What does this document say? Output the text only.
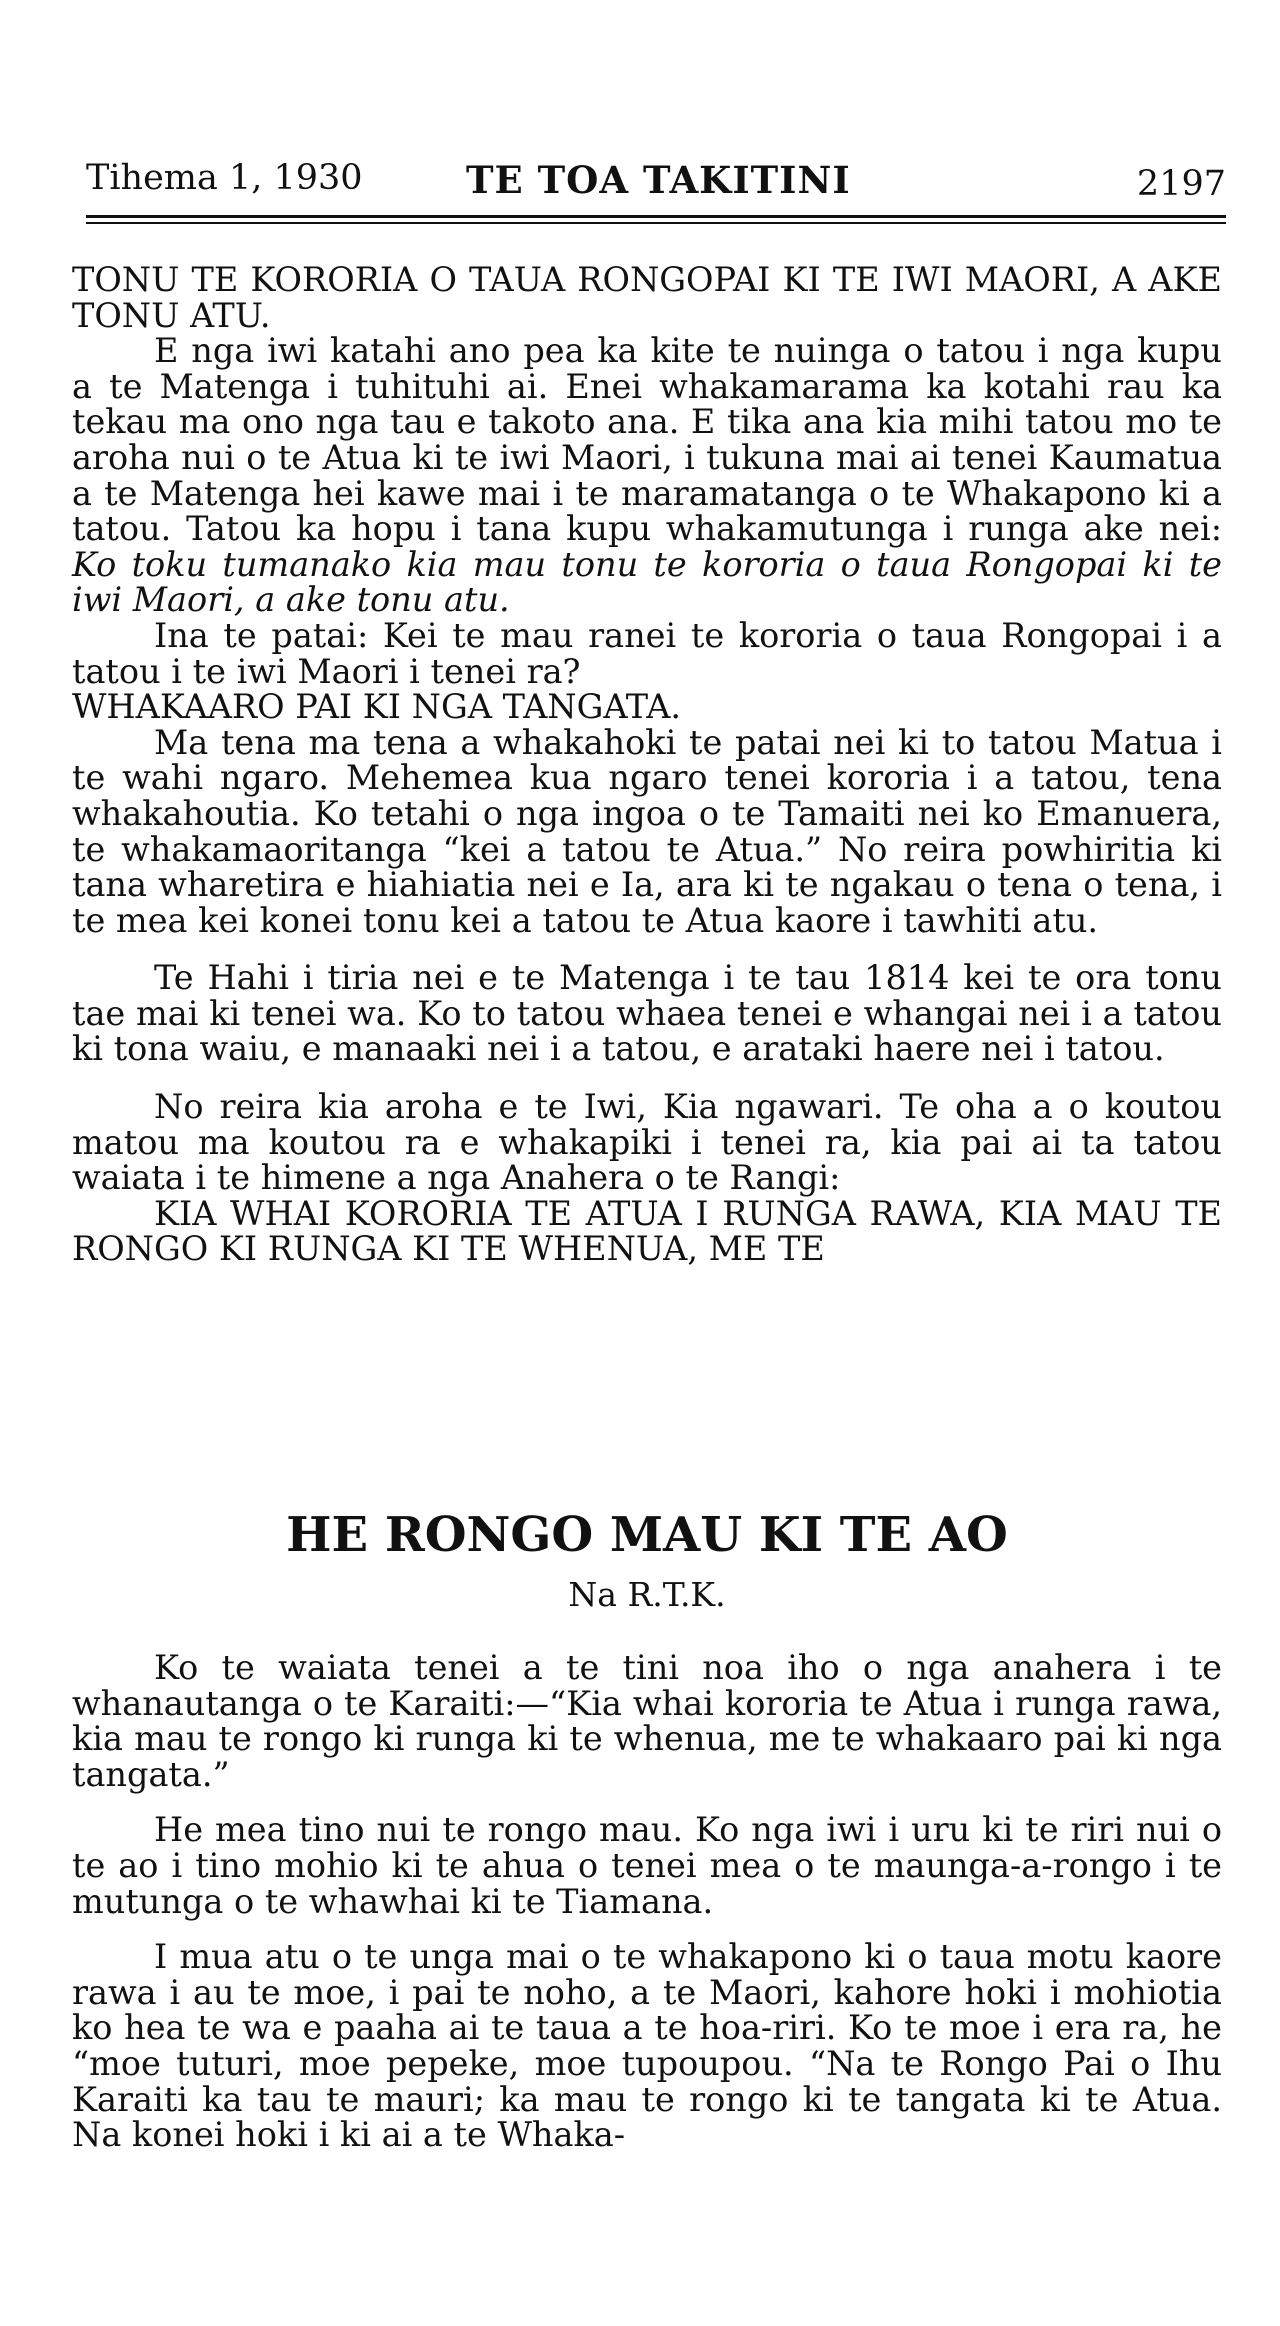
Tihema 1, 1930	TE TOA TAKITINI	2197

TONU TE KORORIA O TAUA RONGOPAI KI TE IWI MAORI, A AKE TONU ATU.

E nga iwi katahi ano pea ka kite te nuinga o tatou i nga kupu a te Matenga i tuhituhi ai. Enei whakamarama ka kotahi rau ka tekau ma ono nga tau e takoto ana. E tika ana kia mihi tatou mo te aroha nui o te Atua ki te iwi Maori, i tukuna mai ai tenei Kaumatua a te Matenga hei kawe mai i te maramatanga o te Whakapono ki a tatou. Tatou ka hopu i tana kupu whakamutunga i runga ake nei: Ko toku tumanako kia mau tonu te kororia o taua Rongopai ki te iwi Maori, a ake tonu atu.

Ina te patai: Kei te mau ranei te kororia o taua Rongopai i a tatou i te iwi Maori i tenei ra?

WHAKAARO PAI KI NGA TANGATA.

Ma tena ma tena a whakahoki te patai nei ki to tatou Matua i te wahi ngaro. Mehemea kua ngaro tenei kororia i a tatou, tena whakahoutia. Ko tetahi o nga ingoa o te Tamaiti nei ko Emanuera, te whakamaoritanga “kei a tatou te Atua.” No reira powhiritia ki tana wharetira e hiahiatia nei e Ia, ara ki te ngakau o tena o tena, i te mea kei konei tonu kei a tatou te Atua kaore i tawhiti atu.

Te Hahi i tiria nei e te Matenga i te tau 1814 kei te ora tonu tae mai ki tenei wa. Ko to tatou whaea tenei e whangai nei i a tatou ki tona waiu, e manaaki nei i a tatou, e arataki haere nei i tatou.

No reira kia aroha e te Iwi, Kia ngawari. Te oha a o koutou matou ma koutou ra e whakapiki i tenei ra, kia pai ai ta tatou waiata i te himene a nga Anahera o te Rangi:

KIA WHAI KORORIA TE ATUA I RUNGA RAWA, KIA MAU TE RONGO KI RUNGA KI TE WHENUA, ME TE

HE RONGO MAU KI TE AO
Na R.T.K.

Ko te waiata tenei a te tini noa iho o nga anahera i te whanautanga o te Karaiti:—“Kia whai kororia te Atua i runga rawa, kia mau te rongo ki runga ki te whenua, me te whakaaro pai ki nga tangata.”

He mea tino nui te rongo mau. Ko nga iwi i uru ki te riri nui o te ao i tino mohio ki te ahua o tenei mea o te maunga-a-rongo i te mutunga o te whawhai ki te Tiamana.

I mua atu o te unga mai o te whakapono ki o taua motu kaore rawa i au te moe, i pai te noho, a te Maori, kahore hoki i mohiotia ko hea te wa e paaha ai te taua a te hoa-riri. Ko te moe i era ra, he “moe tuturi, moe pepeke, moe tupoupou. “Na te Rongo Pai o Ihu Karaiti ka tau te mauri; ka mau te rongo ki te tangata ki te Atua. Na konei hoki i ki ai a te Whaka-
